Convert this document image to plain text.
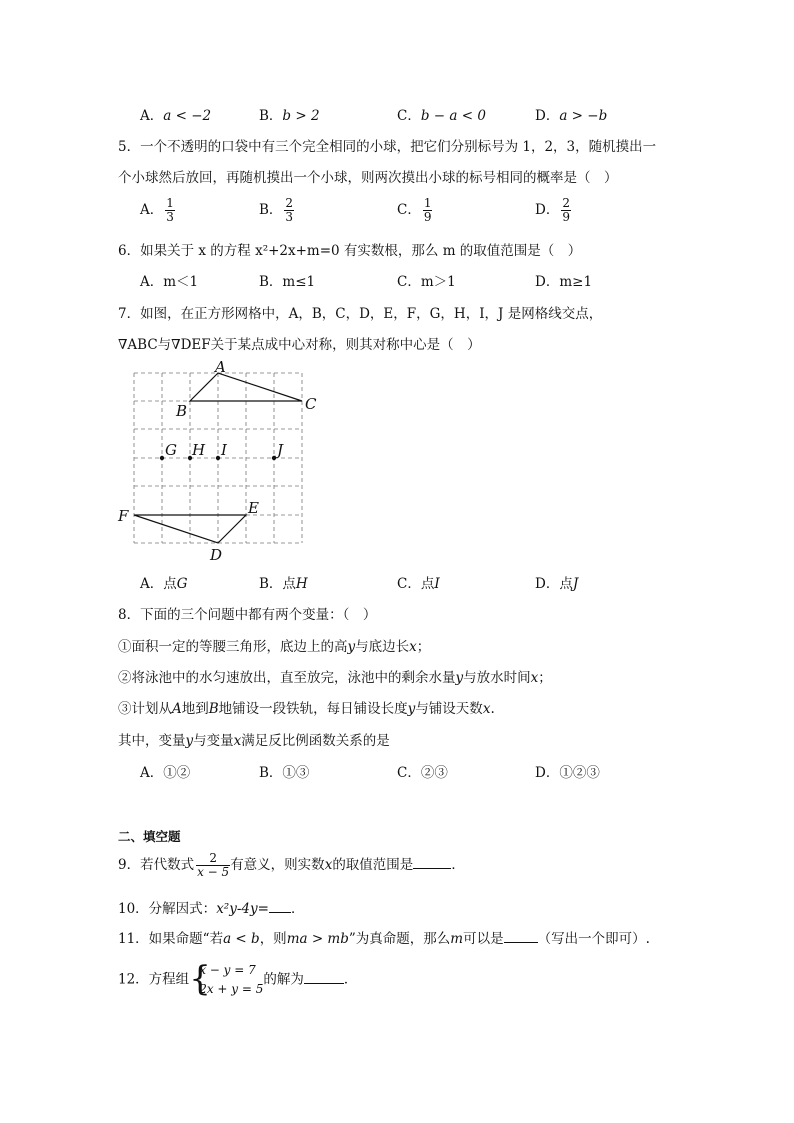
A．a < −2	B．b > 2	C．b − a < 0	D．a > −b
5．一个不透明的口袋中有三个完全相同的小球，把它们分别标号为 1，2，3，随机摸出一
个小球然后放回，再随机摸出一个小球，则两次摸出小球的标号相同的概率是（　）
A． $\frac{1}{3}$	B． $\frac{2}{3}$	C． $\frac{1}{9}$	D． $\frac{2}{9}$
6．如果关于 x 的方程 x²+2x+m=0 有实数根，那么 m 的取值范围是（　）
A．m＜1	B．m≤1	C．m＞1	D．m≥1
7．如图，在正方形网格中，A，B，C，D，E，F，G，H，I，J 是网格线交点，
∇ABC与∇DEF关于某点成中心对称，则其对称中心是（　）
A
B	C
G H I	J
F	E
D
A．点G	B．点H	C．点I	D．点J
8．下面的三个问题中都有两个变量：（　）
①面积一定的等腰三角形，底边上的高y与底边长x；
②将泳池中的水匀速放出，直至放完，泳池中的剩余水量y与放水时间x；
③计划从A地到B地铺设一段铁轨，每日铺设长度y与铺设天数x.
其中，变量y与变量x满足反比例函数关系的是
A．①②	B．①③	C．②③	D．①②③
二、填空题
9．若代数式 $\frac{2}{x - 5}$ 有意义，则实数x的取值范围是	．
10．分解因式：x²y-4y= ．
11．如果命题“若a < b，则ma > mb”为真命题，那么m可以是	（写出一个即可）.
12．方程组 {
x − y = 7
2x + y = 5
的解为	．
